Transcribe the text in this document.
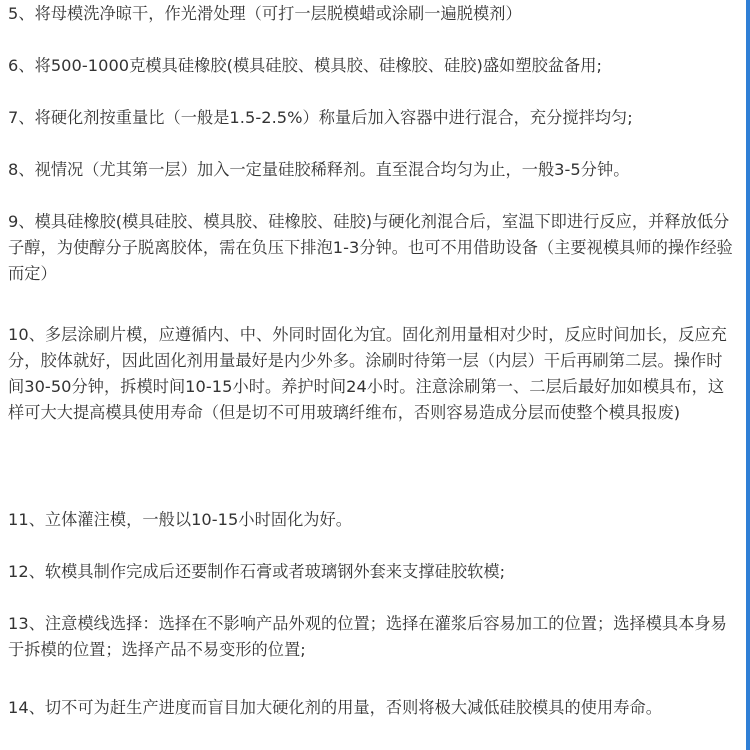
5、将母模洗净晾干，作光滑处理（可打一层脱模蜡或涂刷一遍脱模剂）

6、将500-1000克模具硅橡胶(模具硅胶、模具胶、硅橡胶、硅胶)盛如塑胶盆备用;

7、将硬化剂按重量比（一般是1.5-2.5%）称量后加入容器中进行混合，充分搅拌均匀;

8、视情况（尤其第一层）加入一定量硅胶稀释剂。直至混合均匀为止，一般3-5分钟。

9、模具硅橡胶(模具硅胶、模具胶、硅橡胶、硅胶)与硬化剂混合后，室温下即进行反应，并释放低分子醇，为使醇分子脱离胶体，需在负压下排泡1-3分钟。也可不用借助设备（主要视模具师的操作经验而定）

10、多层涂刷片模，应遵循内、中、外同时固化为宜。固化剂用量相对少时，反应时间加长，反应充分，胶体就好，因此固化剂用量最好是内少外多。涂刷时待第一层（内层）干后再刷第二层。操作时间30-50分钟，拆模时间10-15小时。养护时间24小时。注意涂刷第一、二层后最好加如模具布，这样可大大提高模具使用寿命（但是切不可用玻璃纤维布，否则容易造成分层而使整个模具报废)

11、立体灌注模，一般以10-15小时固化为好。

12、软模具制作完成后还要制作石膏或者玻璃钢外套来支撑硅胶软模;

13、注意模线选择：选择在不影响产品外观的位置；选择在灌浆后容易加工的位置；选择模具本身易于拆模的位置；选择产品不易变形的位置;

14、切不可为赶生产进度而盲目加大硬化剂的用量，否则将极大减低硅胶模具的使用寿命。
